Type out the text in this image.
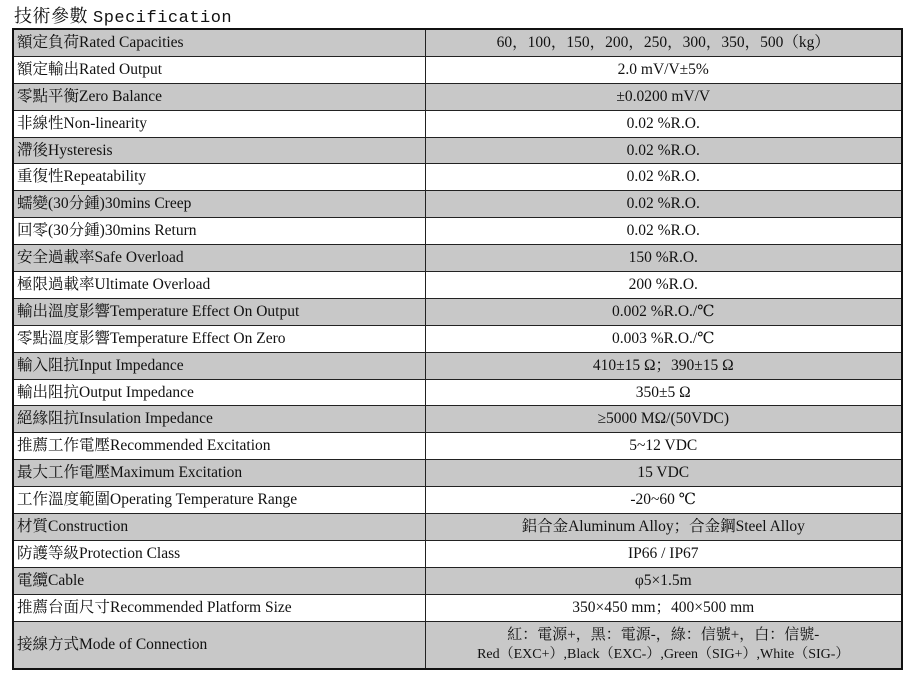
技術參數 Specification
額定負荷Rated Capacities	60，100，150，200，250，300，350，500（kg）
額定輸出Rated Output	2.0 mV/V±5%
零點平衡Zero Balance	±0.0200 mV/V
非線性Non-linearity	0.02 %R.O.
滯後Hysteresis	0.02 %R.O.
重復性Repeatability	0.02 %R.O.
蠕變(30分鍾)30mins Creep	0.02 %R.O.
回零(30分鍾)30mins Return	0.02 %R.O.
安全過載率Safe Overload	150 %R.O.
極限過載率Ultimate Overload	200 %R.O.
輸出溫度影響Temperature Effect On Output	0.002 %R.O./℃
零點溫度影響Temperature Effect On Zero	0.003 %R.O./℃
輸入阻抗Input Impedance	410±15 Ω；390±15 Ω
輸出阻抗Output Impedance	350±5 Ω
絕緣阻抗Insulation Impedance	≥5000 MΩ/(50VDC)
推薦工作電壓Recommended Excitation	5~12 VDC
最大工作電壓Maximum Excitation	15 VDC
工作溫度範圍Operating Temperature Range	-20~60 ℃
材質Construction	鋁合金Aluminum Alloy；合金鋼Steel Alloy
防護等級Protection Class	IP66 / IP67
電纜Cable	φ5×1.5m
推薦台面尺寸Recommended Platform Size	350×450 mm；400×500 mm
接線方式Mode of Connection	紅：電源+，黑：電源-，綠：信號+，白：信號-
Red（EXC+）,Black（EXC-）,Green（SIG+）,White（SIG-）
